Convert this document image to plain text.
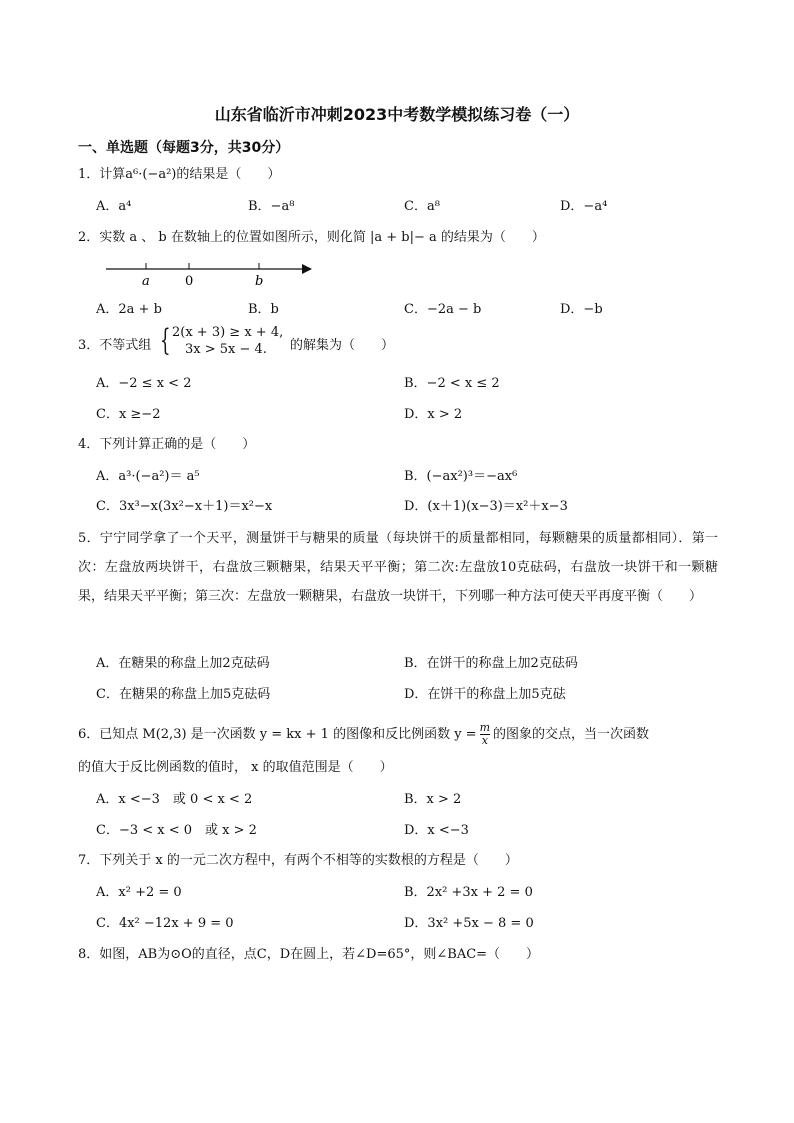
山东省临沂市冲刺2023中考数学模拟练习卷（一）
一、单选题（每题3分，共30分）
1．计算a⁶·(−a²)的结果是（　　）
A．a⁴	B．−a⁸	C．a⁸	D．−a⁴
2．实数 a 、 b 在数轴上的位置如图所示，则化简 |a + b|− a 的结果为（　　）
a	0	b
A．2a + b	B．b	C．−2a − b	D．−b
3．不等式组 { 2(x + 3) ≥ x + 4,
3x > 5x − 4. 的解集为（　　）
A．−2 ≤ x < 2	B．−2 < x ≤ 2
C．x ≥−2	D．x > 2
4．下列计算正确的是（　　）
A．a³·(−a²)＝ a⁵	B．(−ax²)³＝−ax⁶
C．3x³−x(3x²−x＋1)＝x²−x	D．(x＋1)(x−3)＝x²＋x−3
5．宁宁同学拿了一个天平，测量饼干与糖果的质量（每块饼干的质量都相同，每颗糖果的质量都相同）．第一次：左盘放两块饼干，右盘放三颗糖果，结果天平平衡；第二次:左盘放10克砝码，右盘放一块饼干和一颗糖果，结果天平平衡；第三次：左盘放一颗糖果，右盘放一块饼干，下列哪一种方法可使天平再度平衡（　　）
A．在糖果的称盘上加2克砝码	B．在饼干的称盘上加2克砝码
C．在糖果的称盘上加5克砝码	D．在饼干的称盘上加5克砝
6．已知点 M(2,3) 是一次函数 y = kx + 1 的图像和反比例函数 $y = \frac{m}{x}$ 的图象的交点，当一次函数
的值大于反比例函数的值时， x 的取值范围是（　　）
A．x <−3　或 0 < x < 2	B．x > 2
C．−3 < x < 0　或 x > 2	D．x <−3
7．下列关于 x 的一元二次方程中，有两个不相等的实数根的方程是（　　）
A．x² +2 = 0	B．2x² +3x + 2 = 0
C．4x² −12x + 9 = 0	D．3x² +5x − 8 = 0
8．如图，AB为⊙O的直径，点C，D在圆上，若∠D=65°，则∠BAC=（　　）
